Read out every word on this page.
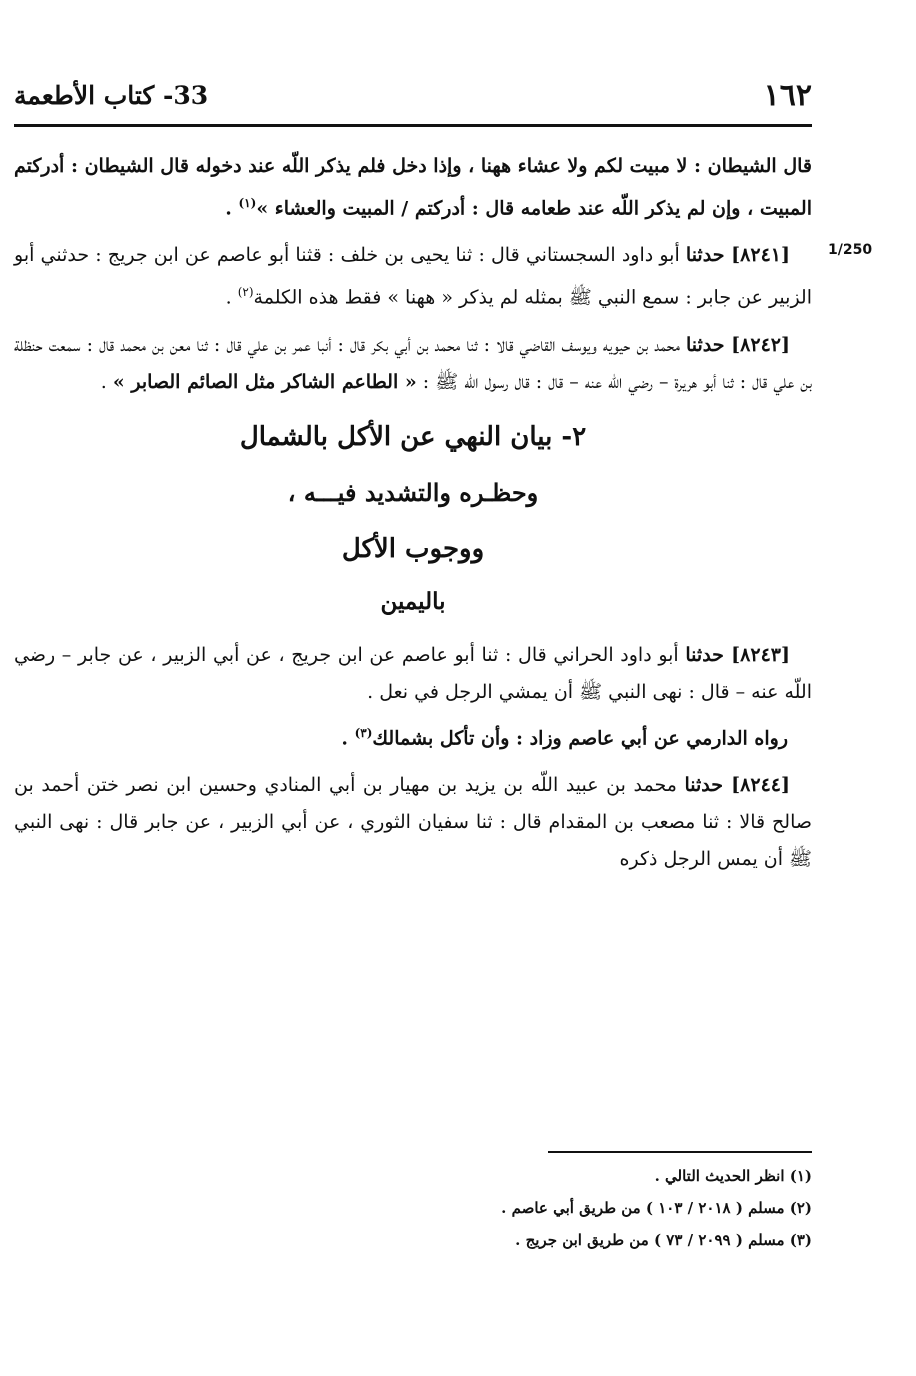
١٦٢
33- كتاب الأطعمة
1/250

قال الشيطان : لا مبيت لكم ولا عشاء ههنا ، وإذا دخل فلم يذكر اللّه عند دخوله قال الشيطان : أدركتم المبيت ، وإن لم يذكر اللّه عند طعامه قال : أدركتم / المبيت والعشاء »$^{(١)}$ .

[٨٢٤١] حدثنا أبو داود السجستاني قال : ثنا يحيى بن خلف : قثنا أبو عاصم عن ابن جريج : حدثني أبو الزبير عن جابر : سمع النبي ﷺ بمثله لم يذكر « ههنا » فقط هذه الكلمة$^{(٢)}$ .

[٨٢٤٢] حدثنا محمد بن حيويه ويوسف القاضي قالا : ثنا محمد بن أبي بكر قال : أنبا عمر بن علي قال : ثنا معن بن محمد قال : سمعت حنظلة بن علي قال : ثنا أبو هريرة – رضي اللّه عنه – قال : قال رسول اللّه ﷺ : « الطاعم الشاكر مثل الصائم الصابر » .

٢- بيان النهي عن الأكل بالشمال

وحظـره والتشديد فيـــه ،

ووجوب الأكل

باليمين

[٨٢٤٣] حدثنا أبو داود الحراني قال : ثنا أبو عاصم عن ابن جريج ، عن أبي الزبير ، عن جابر – رضي اللّه عنه – قال : نهى النبي ﷺ أن يمشي الرجل في نعل .

رواه الدارمي عن أبي عاصم وزاد : وأن تأكل بشمالك$^{(٣)}$ .

[٨٢٤٤] حدثنا محمد بن عبيد اللّه بن يزيد بن مهيار بن أبي المنادي وحسين ابن نصر ختن أحمد بن صالح قالا : ثنا مصعب بن المقدام قال : ثنا سفيان الثوري ، عن أبي الزبير ، عن جابر قال : نهى النبي ﷺ أن يمس الرجل ذكره

(١) انظر الحديث التالي .
(٢) مسلم ( ٢٠١٨ / ١٠٣ ) من طريق أبي عاصم .
(٣) مسلم ( ٢٠٩٩ / ٧٣ ) من طريق ابن جريج .
